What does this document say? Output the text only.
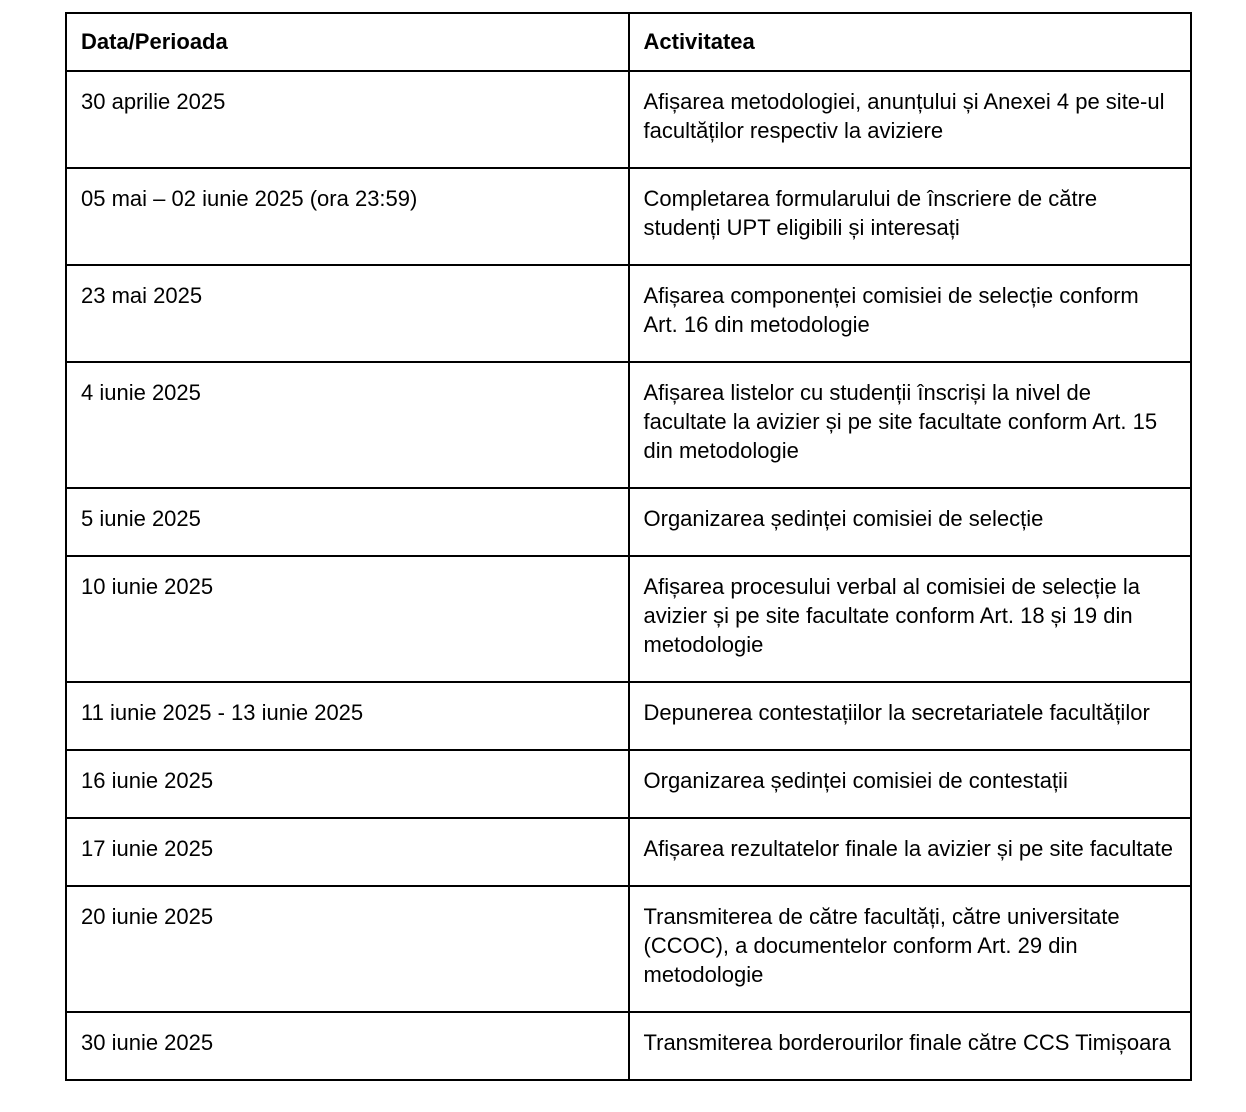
Data/Perioada	Activitatea
30 aprilie 2025	Afișarea metodologiei, anunțului și Anexei 4 pe site-ul facultăților respectiv la aviziere
05 mai – 02 iunie 2025 (ora 23:59)	Completarea formularului de înscriere de către studenți UPT eligibili și interesați
23 mai 2025	Afișarea componenței comisiei de selecție conform Art. 16 din metodologie
4 iunie 2025	Afișarea listelor cu studenții înscriși la nivel de facultate la avizier și pe site facultate conform Art. 15 din metodologie
5 iunie 2025	Organizarea ședinței comisiei de selecție
10 iunie 2025	Afișarea procesului verbal al comisiei de selecție la avizier și pe site facultate conform Art. 18 și 19 din metodologie
11 iunie 2025 - 13 iunie 2025	Depunerea contestațiilor la secretariatele facultăților
16 iunie 2025	Organizarea ședinței comisiei de contestații
17 iunie 2025	Afișarea rezultatelor finale la avizier și pe site facultate
20 iunie 2025	Transmiterea de către facultăți, către universitate (CCOC), a documentelor conform Art. 29 din metodologie
30 iunie 2025	Transmiterea borderourilor finale către CCS Timișoara
